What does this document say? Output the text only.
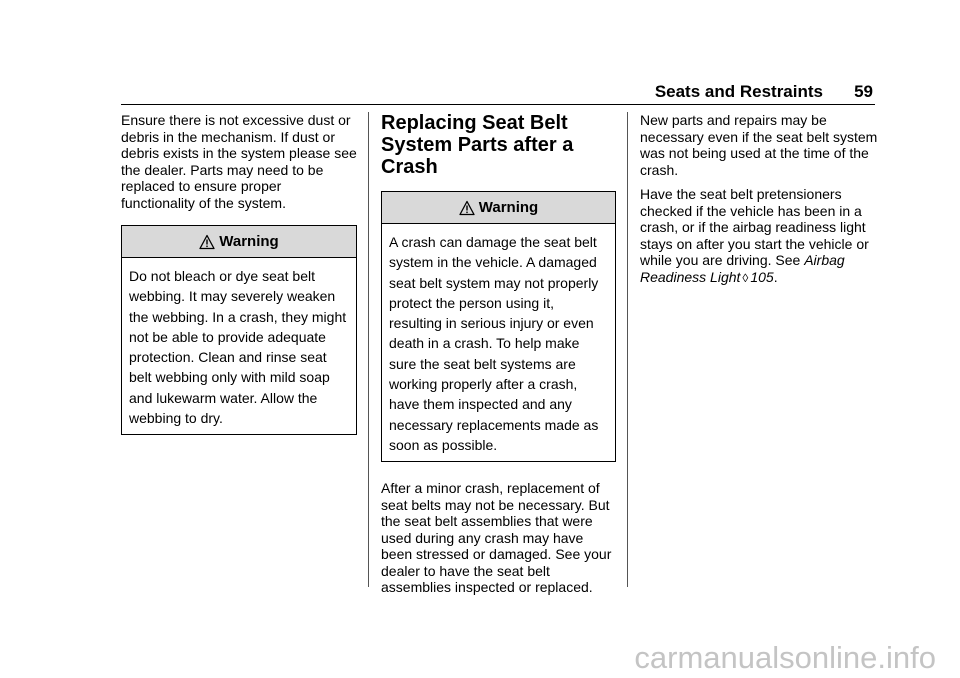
Seats and Restraints 59

Ensure there is not excessive dust or debris in the mechanism. If dust or debris exists in the system please see the dealer. Parts may need to be replaced to ensure proper functionality of the system.

Warning

Do not bleach or dye seat belt webbing. It may severely weaken the webbing. In a crash, they might not be able to provide adequate protection. Clean and rinse seat belt webbing only with mild soap and lukewarm water. Allow the webbing to dry.

Replacing Seat Belt System Parts after a Crash
Warning

A crash can damage the seat belt system in the vehicle. A damaged seat belt system may not properly protect the person using it, resulting in serious injury or even death in a crash. To help make sure the seat belt systems are working properly after a crash, have them inspected and any necessary replacements made as soon as possible.

After a minor crash, replacement of seat belts may not be necessary. But the seat belt assemblies that were used during any crash may have been stressed or damaged. See your dealer to have the seat belt assemblies inspected or replaced.

New parts and repairs may be necessary even if the seat belt system was not being used at the time of the crash.

Have the seat belt pretensioners checked if the vehicle has been in a crash, or if the airbag readiness light stays on after you start the vehicle or while you are driving. See Airbag Readiness Light ◊ 105.

carmanualsonline.info
